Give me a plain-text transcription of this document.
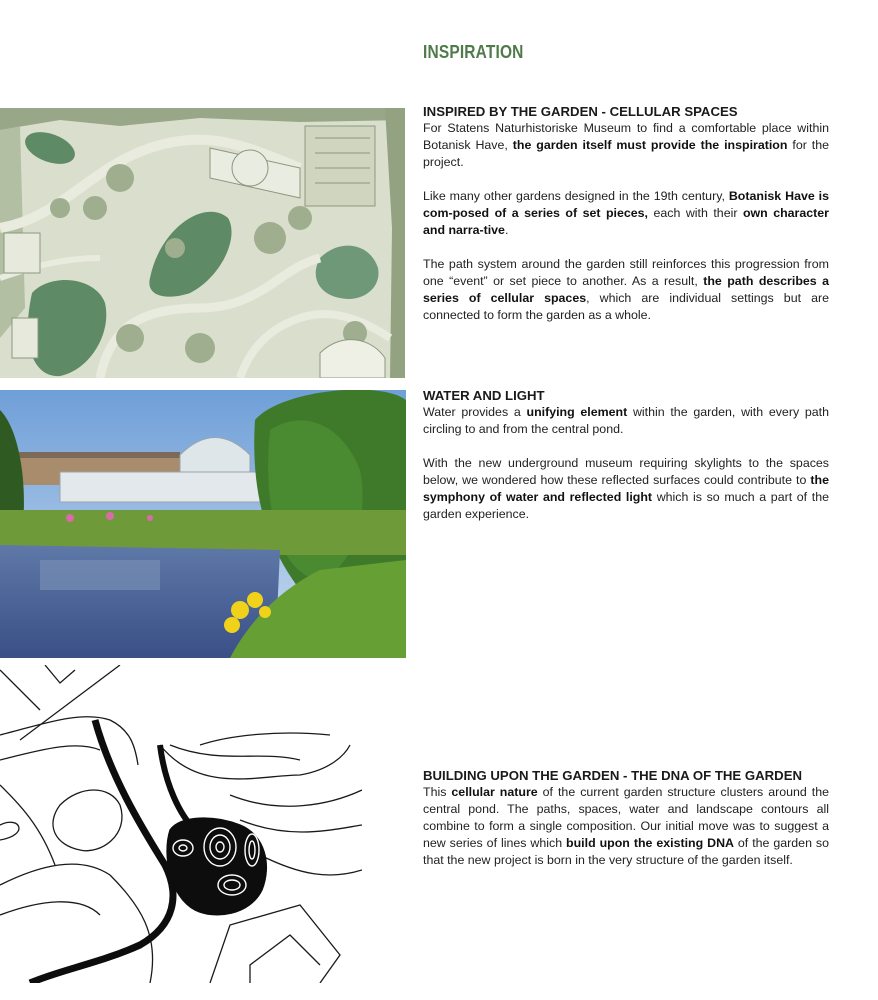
INSPIRATION
INSPIRED BY THE GARDEN - CELLULAR SPACES

For Statens Naturhistoriske Museum to find a comfortable place within Botanisk Have, the garden itself must provide the inspiration for the project.

Like many other gardens designed in the 19th century, Botanisk Have is com-posed of a series of set pieces, each with their own character and narra-tive.

The path system around the garden still reinforces this progression from one “event” or set piece to another. As a result, the path describes a series of cellular spaces, which are individual settings but are connected to form the garden as a whole.

WATER AND LIGHT

Water provides a unifying element within the garden, with every path circling to and from the central pond.

With the new underground museum requiring skylights to the spaces below, we wondered how these reflected surfaces could contribute to the symphony of water and reflected light which is so much a part of the garden experience.

BUILDING UPON THE GARDEN - THE DNA OF THE GARDEN

This cellular nature of the current garden structure clusters around the central pond. The paths, spaces, water and landscape contours all combine to form a single composition. Our initial move was to suggest a new series of lines which build upon the existing DNA of the garden so that the new project is born in the very structure of the garden itself.
